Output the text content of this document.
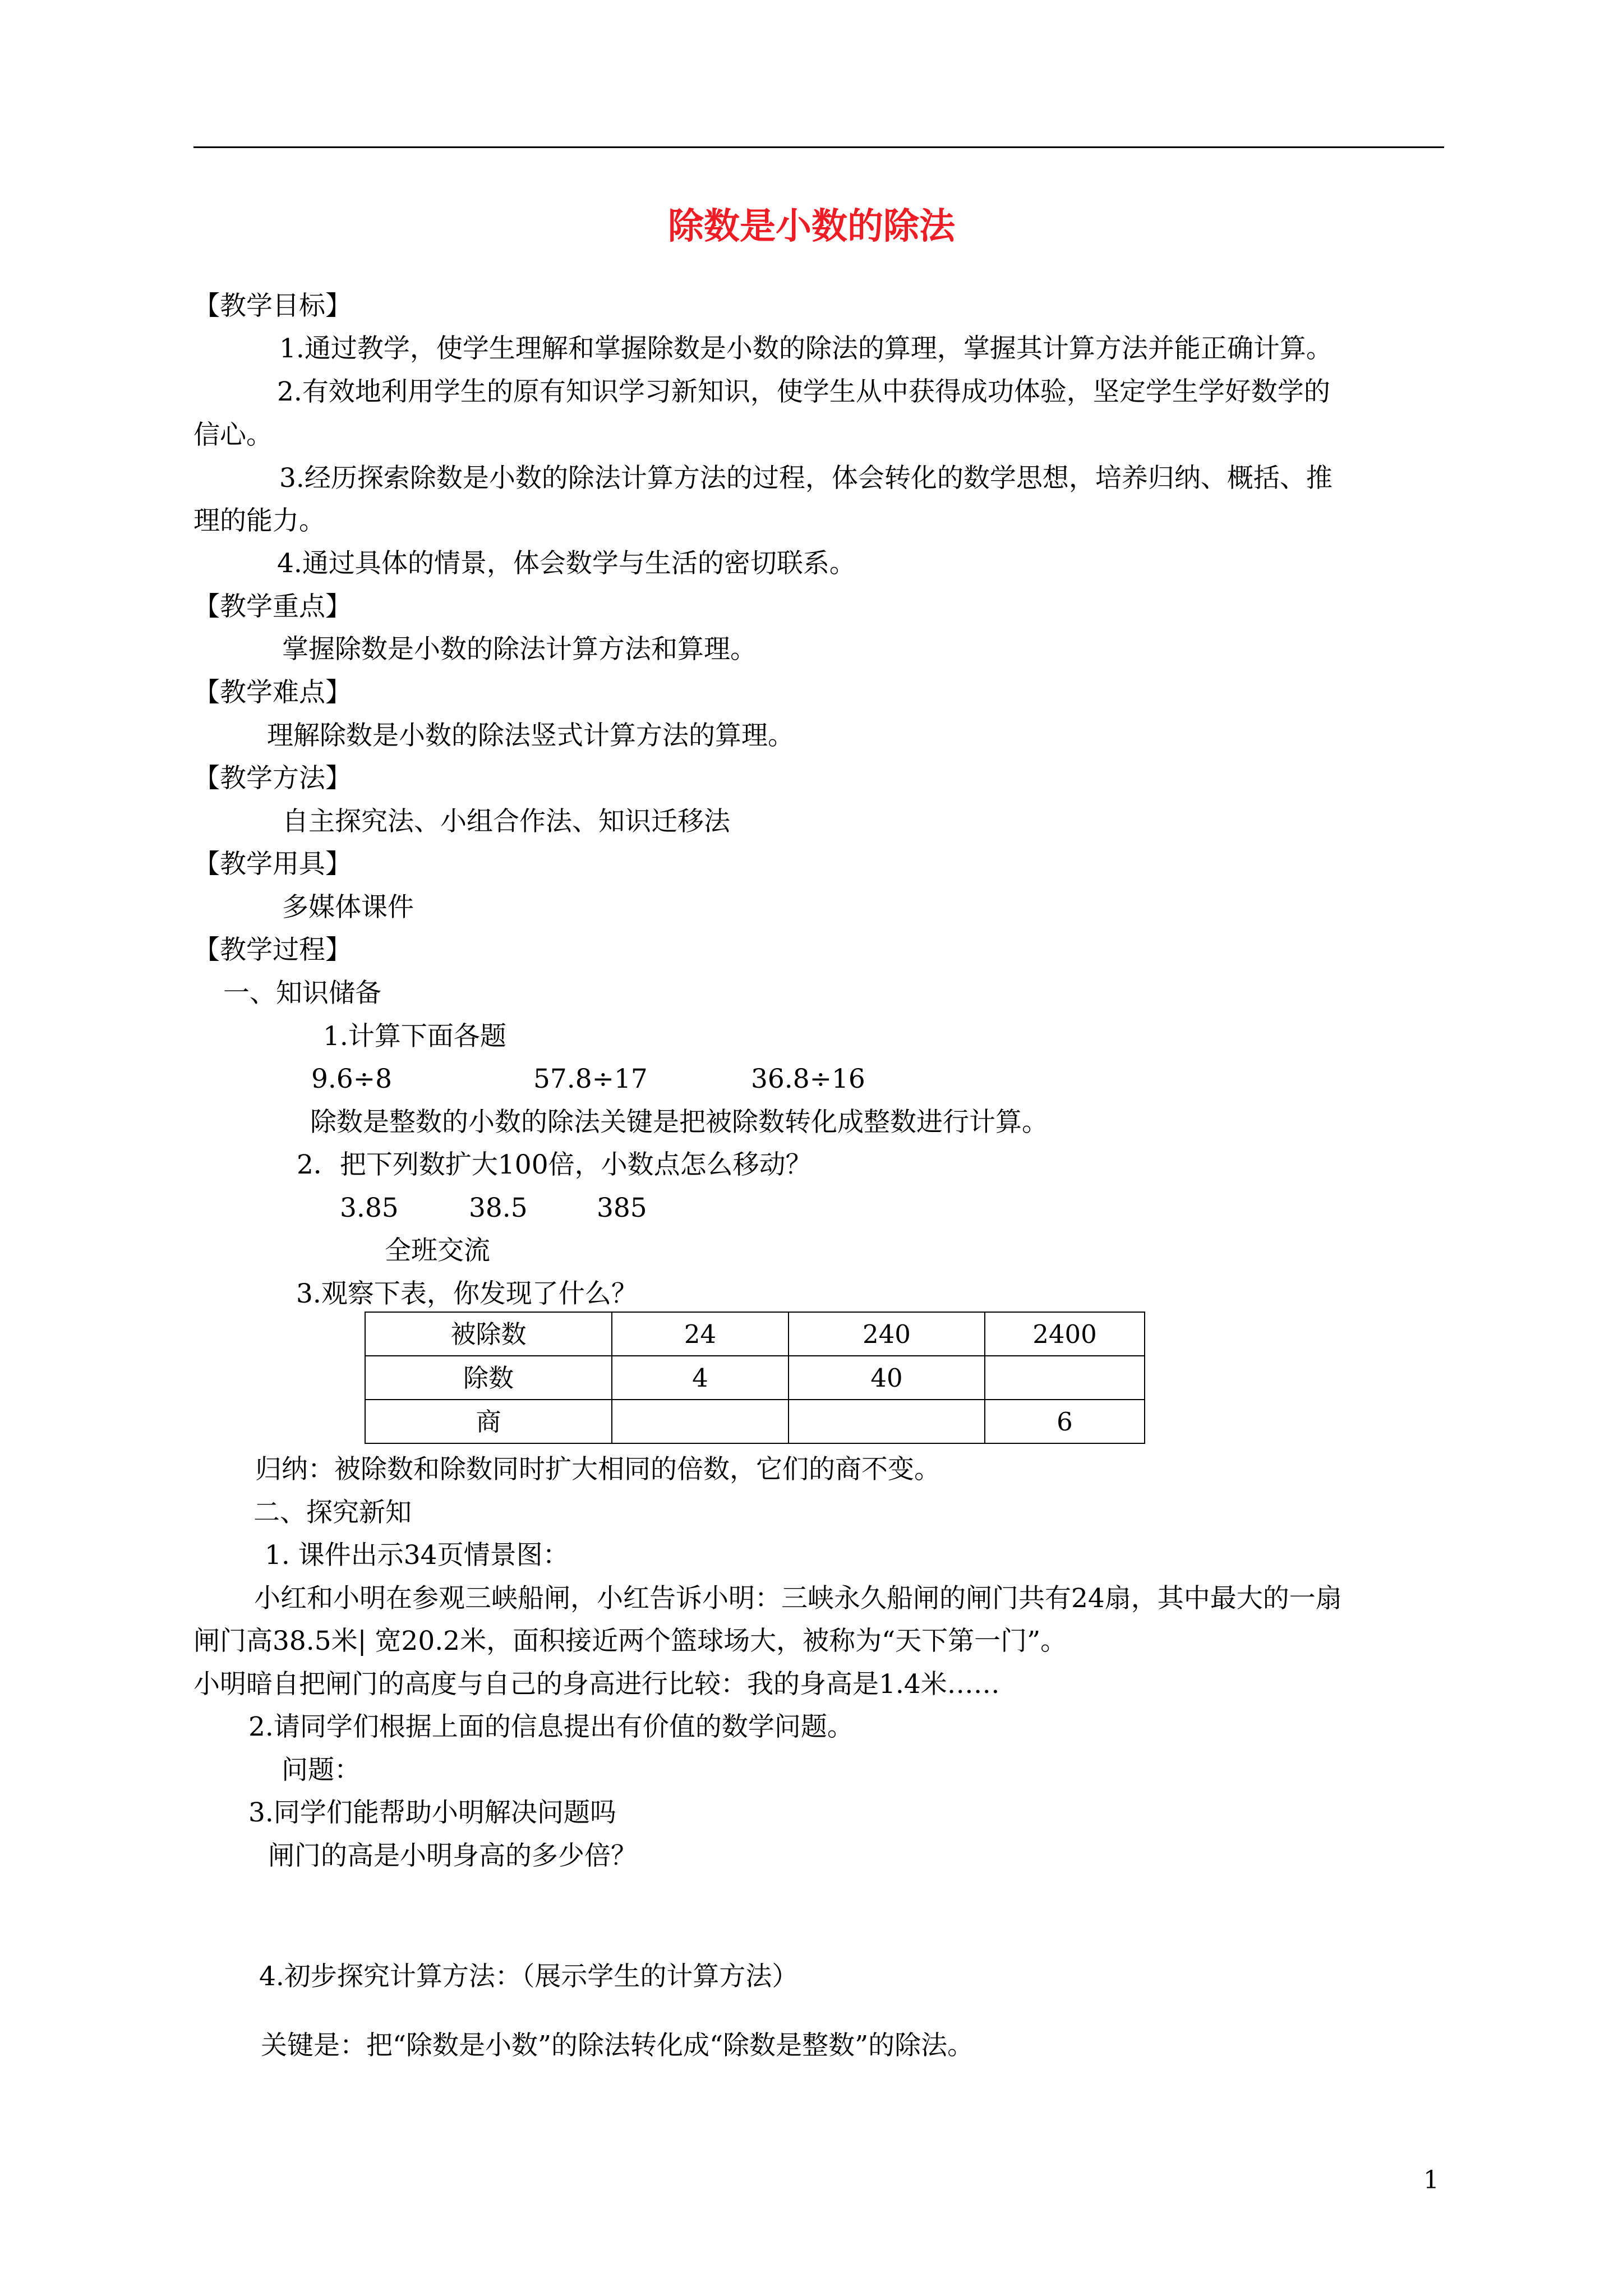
除数是小数的除法
【教学目标】
1.通过教学，使学生理解和掌握除数是小数的除法的算理，掌握其计算方法并能正确计算。
2.有效地利用学生的原有知识学习新知识，使学生从中获得成功体验，坚定学生学好数学的
信心。
3.经历探索除数是小数的除法计算方法的过程，体会转化的数学思想，培养归纳、概括、推
理的能力。
4.通过具体的情景，体会数学与生活的密切联系。
【教学重点】
掌握除数是小数的除法计算方法和算理。
【教学难点】
理解除数是小数的除法竖式计算方法的算理。
【教学方法】
自主探究法、小组合作法、知识迁移法
【教学用具】
多媒体课件
【教学过程】
一、知识储备
1.计算下面各题
9.6÷8	57.8÷17	36.8÷16
除数是整数的小数的除法关键是把被除数转化成整数进行计算。
2．把下列数扩大100倍，小数点怎么移动？
3.85	38.5	385
全班交流
3.观察下表，你发现了什么？
被除数	24	240	2400
除数	4	40	
商			6
归纳：被除数和除数同时扩大相同的倍数，它们的商不变。
二、探究新知
1. 课件出示34页情景图：
小红和小明在参观三峡船闸，小红告诉小明：三峡永久船闸的闸门共有24扇，其中最大的一扇
闸门高38.5米| 宽20.2米，面积接近两个篮球场大，被称为“天下第一门”。
小明暗自把闸门的高度与自己的身高进行比较：我的身高是1.4米……
2.请同学们根据上面的信息提出有价值的数学问题。
问题：
3.同学们能帮助小明解决问题吗
闸门的高是小明身高的多少倍？
4.初步探究计算方法：（展示学生的计算方法）
关键是：把“除数是小数”的除法转化成“除数是整数”的除法。
1
